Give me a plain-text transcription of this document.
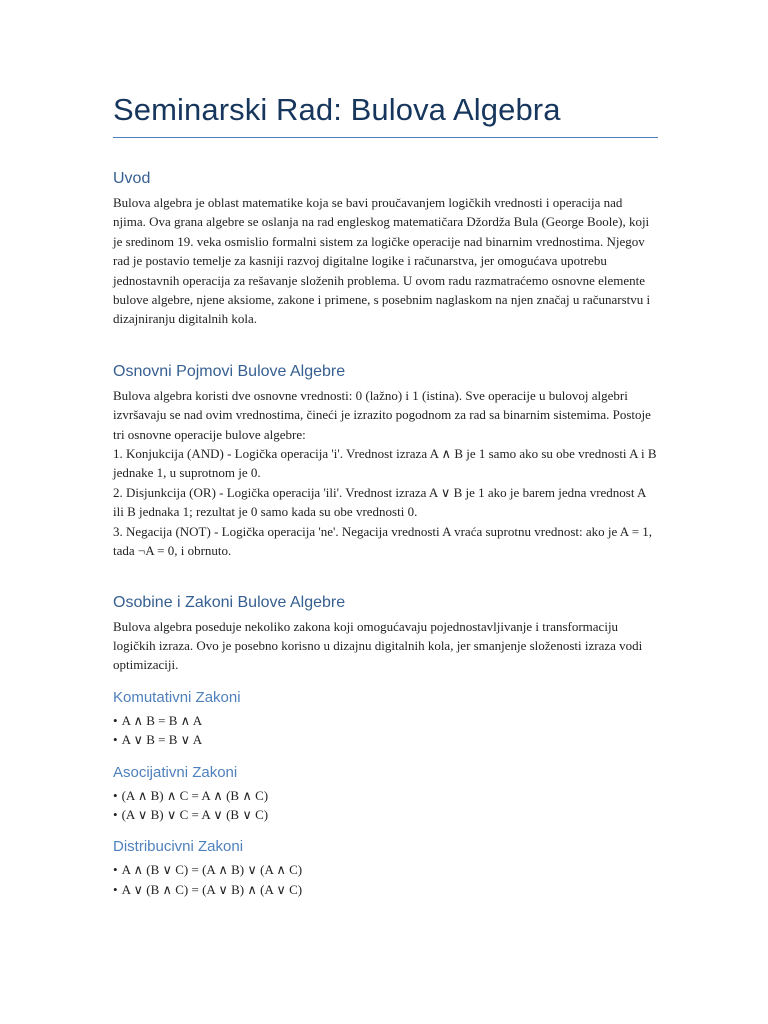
Seminarski Rad: Bulova Algebra
Uvod

Bulova algebra je oblast matematike koja se bavi proučavanjem logičkih vrednosti i operacija nad njima. Ova grana algebre se oslanja na rad engleskog matematičara Džordža Bula (George Boole), koji je sredinom 19. veka osmislio formalni sistem za logičke operacije nad binarnim vrednostima. Njegov rad je postavio temelje za kasniji razvoj digitalne logike i računarstva, jer omogućava upotrebu jednostavnih operacija za rešavanje složenih problema. U ovom radu razmatraćemo osnovne elemente bulove algebre, njene aksiome, zakone i primene, s posebnim naglaskom na njen značaj u računarstvu i dizajniranju digitalnih kola.

Osnovni Pojmovi Bulove Algebre
Bulova algebra koristi dve osnovne vrednosti: 0 (lažno) i 1 (istina). Sve operacije u bulovoj algebri izvršavaju se nad ovim vrednostima, čineći je izrazito pogodnom za rad sa binarnim sistemima. Postoje tri osnovne operacije bulove algebre:
1. Konjukcija (AND) - Logička operacija 'i'. Vrednost izraza A ∧ B je 1 samo ako su obe vrednosti A i B jednake 1, u suprotnom je 0.
2. Disjunkcija (OR) - Logička operacija 'ili'. Vrednost izraza A ∨ B je 1 ako je barem jedna vrednost A ili B jednaka 1; rezultat je 0 samo kada su obe vrednosti 0.
3. Negacija (NOT) - Logička operacija 'ne'. Negacija vrednosti A vraća suprotnu vrednost: ako je A = 1, tada ¬A = 0, i obrnuto.
Osobine i Zakoni Bulove Algebre

Bulova algebra poseduje nekoliko zakona koji omogućavaju pojednostavljivanje i transformaciju logičkih izraza. Ovo je posebno korisno u dizajnu digitalnih kola, jer smanjenje složenosti izraza vodi optimizaciji.

Komutativni Zakoni
• A ∧ B = B ∧ A
• A ∨ B = B ∨ A
Asocijativni Zakoni
• (A ∧ B) ∧ C = A ∧ (B ∧ C)
• (A ∨ B) ∨ C = A ∨ (B ∨ C)
Distribucivni Zakoni
• A ∧ (B ∨ C) = (A ∧ B) ∨ (A ∧ C)
• A ∨ (B ∧ C) = (A ∨ B) ∧ (A ∨ C)
